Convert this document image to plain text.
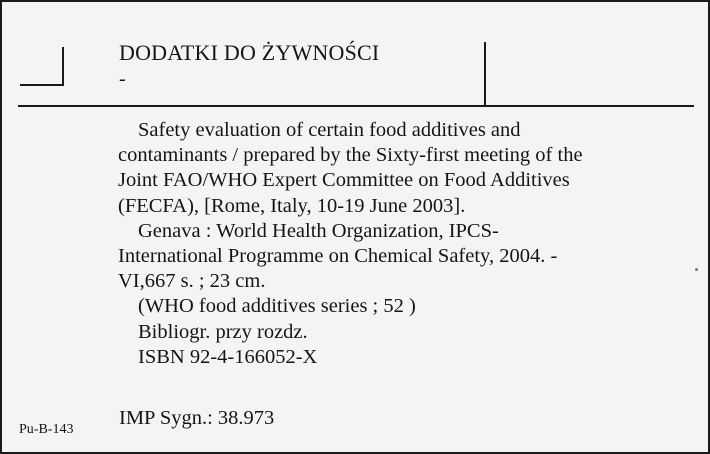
DODATKI DO ŻYWNOŚCI
-
Safety evaluation of certain food additives and
contaminants / prepared by the Sixty-first meeting of the
Joint FAO/WHO Expert Committee on Food Additives
(FECFA), [Rome, Italy, 10-19 June 2003].
Genava : World Health Organization, IPCS-
International Programme on Chemical Safety, 2004. -
VI,667 s. ; 23 cm.
(WHO food additives series ; 52 )
Bibliogr. przy rozdz.
ISBN 92-4-166052-X
Pu-B-143
IMP Sygn.: 38.973
